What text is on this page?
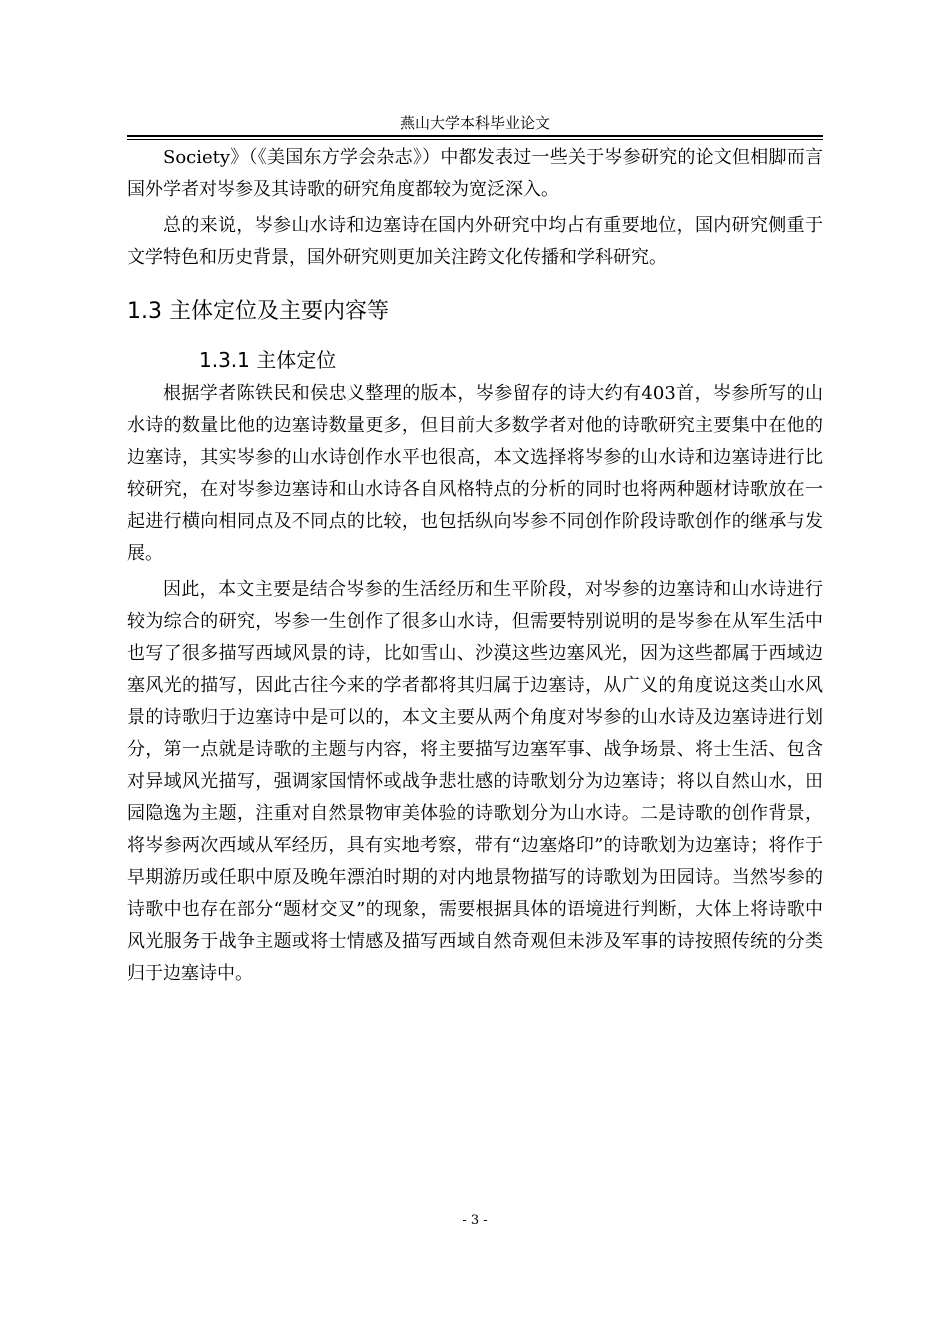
燕山大学本科毕业论文

Society》（《美国东方学会杂志》）中都发表过一些关于岑参研究的论文但相脚而言国外学者对岑参及其诗歌的研究角度都较为宽泛深入。

总的来说，岑参山水诗和边塞诗在国内外研究中均占有重要地位，国内研究侧重于文学特色和历史背景，国外研究则更加关注跨文化传播和学科研究。

1.3 主体定位及主要内容等
1.3.1 主体定位

根据学者陈铁民和侯忠义整理的版本，岑参留存的诗大约有403首，岑参所写的山水诗的数量比他的边塞诗数量更多，但目前大多数学者对他的诗歌研究主要集中在他的边塞诗，其实岑参的山水诗创作水平也很高，本文选择将岑参的山水诗和边塞诗进行比较研究，在对岑参边塞诗和山水诗各自风格特点的分析的同时也将两种题材诗歌放在一起进行横向相同点及不同点的比较，也包括纵向岑参不同创作阶段诗歌创作的继承与发展。

因此，本文主要是结合岑参的生活经历和生平阶段，对岑参的边塞诗和山水诗进行较为综合的研究，岑参一生创作了很多山水诗，但需要特别说明的是岑参在从军生活中也写了很多描写西域风景的诗，比如雪山、沙漠这些边塞风光，因为这些都属于西域边塞风光的描写，因此古往今来的学者都将其归属于边塞诗，从广义的角度说这类山水风景的诗歌归于边塞诗中是可以的，本文主要从两个角度对岑参的山水诗及边塞诗进行划分，第一点就是诗歌的主题与内容，将主要描写边塞军事、战争场景、将士生活、包含对异域风光描写，强调家国情怀或战争悲壮感的诗歌划分为边塞诗；将以自然山水，田园隐逸为主题，注重对自然景物审美体验的诗歌划分为山水诗。二是诗歌的创作背景，将岑参两次西域从军经历，具有实地考察，带有“边塞烙印”的诗歌划为边塞诗；将作于早期游历或任职中原及晚年漂泊时期的对内地景物描写的诗歌划为田园诗。当然岑参的诗歌中也存在部分“题材交叉”的现象，需要根据具体的语境进行判断，大体上将诗歌中风光服务于战争主题或将士情感及描写西域自然奇观但未涉及军事的诗按照传统的分类归于边塞诗中。

- 3 -
